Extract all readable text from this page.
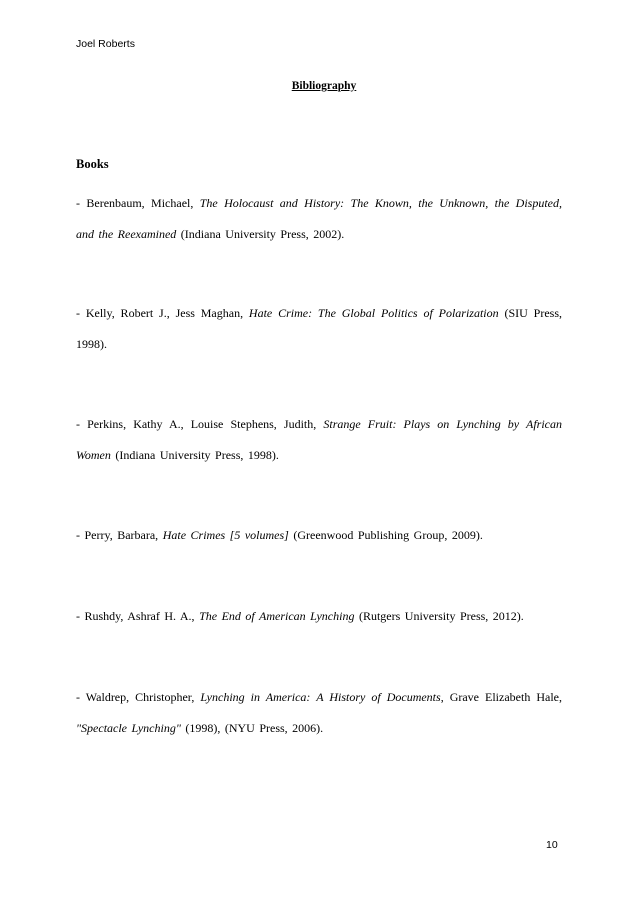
Joel Roberts
Bibliography
Books
- Berenbaum, Michael, The Holocaust and History: The Known, the Unknown, the Disputed, and the Reexamined (Indiana University Press, 2002).
- Kelly, Robert J., Jess Maghan, Hate Crime: The Global Politics of Polarization (SIU Press, 1998).
- Perkins, Kathy A., Louise Stephens, Judith, Strange Fruit: Plays on Lynching by African Women (Indiana University Press, 1998).
- Perry, Barbara, Hate Crimes [5 volumes] (Greenwood Publishing Group, 2009).
- Rushdy, Ashraf H. A., The End of American Lynching (Rutgers University Press, 2012).
- Waldrep, Christopher, Lynching in America: A History of Documents, Grave Elizabeth Hale, "Spectacle Lynching" (1998), (NYU Press, 2006).
10
